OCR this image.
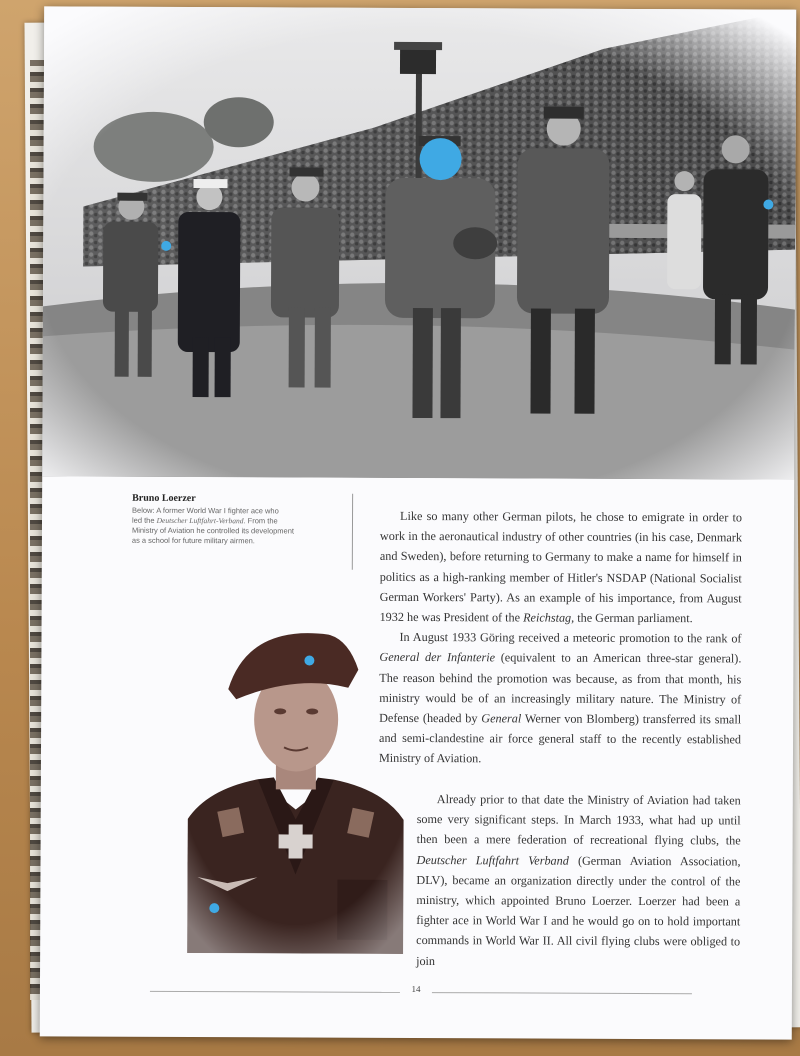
Bruno Loerzer
Below: A former World War I fighter ace who
led the Deutscher Luftfahrt-Verband. From the
Ministry of Aviation he controlled its development
as a school for future military airmen.

Like so many other German pilots, he chose to emigrate in order to work in the aeronautical industry of other countries (in his case, Denmark and Sweden), before returning to Germany to make a name for himself in politics as a high-ranking member of Hitler's NSDAP (National Socialist German Workers' Party). As an example of his importance, from August 1932 he was President of the Reichstag, the German parliament.

In August 1933 Göring received a meteoric promotion to the rank of General der Infanterie (equivalent to an American three-star general). The reason behind the promotion was because, as from that month, his ministry would be of an increasingly military nature. The Ministry of Defense (headed by General Werner von Blomberg) transferred its small and semi-clandestine air force general staff to the recently established Ministry of Aviation.

Already prior to that date the Ministry of Aviation had taken some very significant steps. In March 1933, what had up until then been a mere federation of recreational flying clubs, the Deutscher Luftfahrt Verband (German Aviation Association, DLV), became an organization directly under the control of the ministry, which appointed Bruno Loerzer. Loerzer had been a fighter ace in World War I and he would go on to hold important commands in World War II. All civil flying clubs were obliged to join

14
